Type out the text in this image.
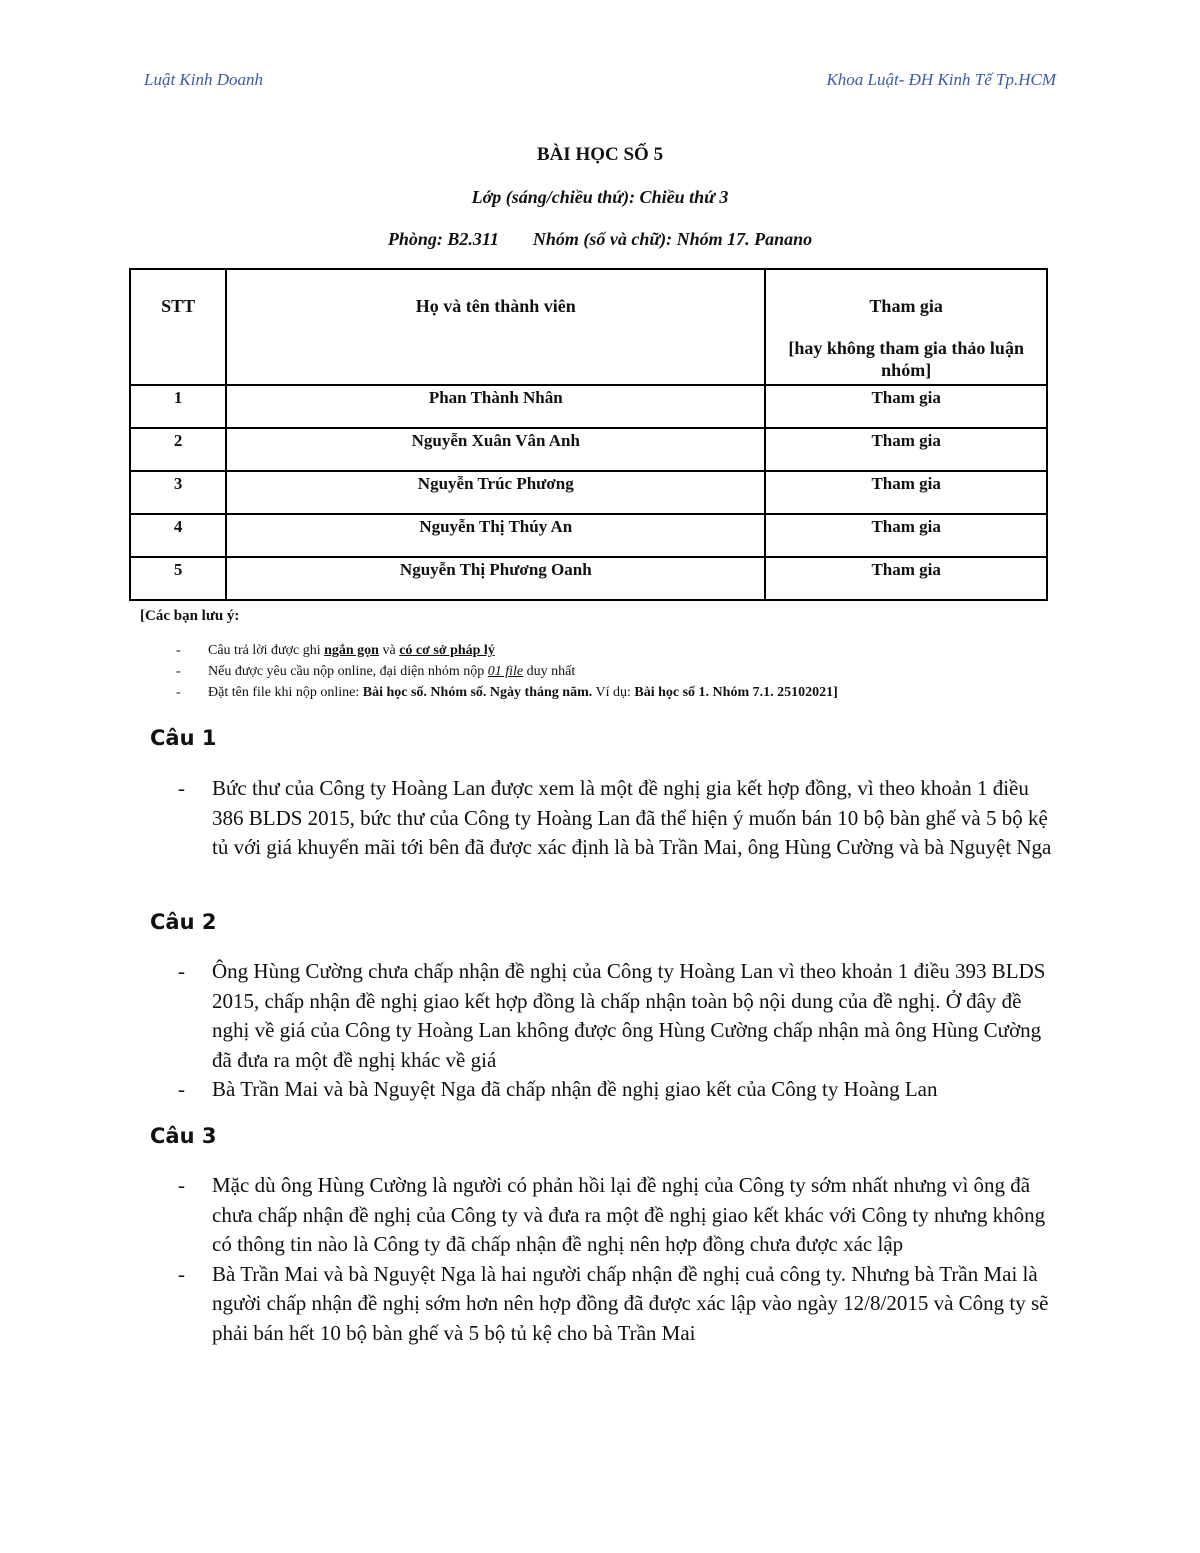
Luật Kinh Doanh	Khoa Luật- ĐH Kinh Tế Tp.HCM
BÀI HỌC SỐ 5
Lớp (sáng/chiều thứ): Chiều thứ 3
Phòng: B2.311 Nhóm (số và chữ): Nhóm 17. Panano
STT	Họ và tên thành viên	Tham gia
[hay không tham gia thảo luận nhóm]

1	Phan Thành Nhân	Tham gia
2	Nguyễn Xuân Vân Anh	Tham gia
3	Nguyễn Trúc Phương	Tham gia
4	Nguyễn Thị Thúy An	Tham gia
5	Nguyễn Thị Phương Oanh	Tham gia
[Các bạn lưu ý:
- Câu trả lời được ghi ngắn gọn và có cơ sở pháp lý
- Nếu được yêu cầu nộp online, đại diện nhóm nộp 01 file duy nhất
- Đặt tên file khi nộp online: Bài học số. Nhóm số. Ngày tháng năm. Ví dụ: Bài học số 1. Nhóm 7.1. 25102021]
Câu 1
- Bức thư của Công ty Hoàng Lan được xem là một đề nghị gia kết hợp đồng, vì theo khoản 1 điều 386 BLDS 2015, bức thư của Công ty Hoàng Lan đã thể hiện ý muốn bán 10 bộ bàn ghế và 5 bộ kệ tủ với giá khuyến mãi tới bên đã được xác định là bà Trần Mai, ông Hùng Cường và bà Nguyệt Nga
Câu 2
- Ông Hùng Cường chưa chấp nhận đề nghị của Công ty Hoàng Lan vì theo khoản 1 điều 393 BLDS 2015, chấp nhận đề nghị giao kết hợp đồng là chấp nhận toàn bộ nội dung của đề nghị. Ở đây đề nghị về giá của Công ty Hoàng Lan không được ông Hùng Cường chấp nhận mà ông Hùng Cường đã đưa ra một đề nghị khác về giá
- Bà Trần Mai và bà Nguyệt Nga đã chấp nhận đề nghị giao kết của Công ty Hoàng Lan
Câu 3
- Mặc dù ông Hùng Cường là người có phản hồi lại đề nghị của Công ty sớm nhất nhưng vì ông đã chưa chấp nhận đề nghị của Công ty và đưa ra một đề nghị giao kết khác với Công ty nhưng không có thông tin nào là Công ty đã chấp nhận đề nghị nên hợp đồng chưa được xác lập
- Bà Trần Mai và bà Nguyệt Nga là hai người chấp nhận đề nghị cuả công ty. Nhưng bà Trần Mai là người chấp nhận đề nghị sớm hơn nên hợp đồng đã được xác lập vào ngày 12/8/2015 và Công ty sẽ phải bán hết 10 bộ bàn ghế và 5 bộ tủ kệ cho bà Trần Mai
